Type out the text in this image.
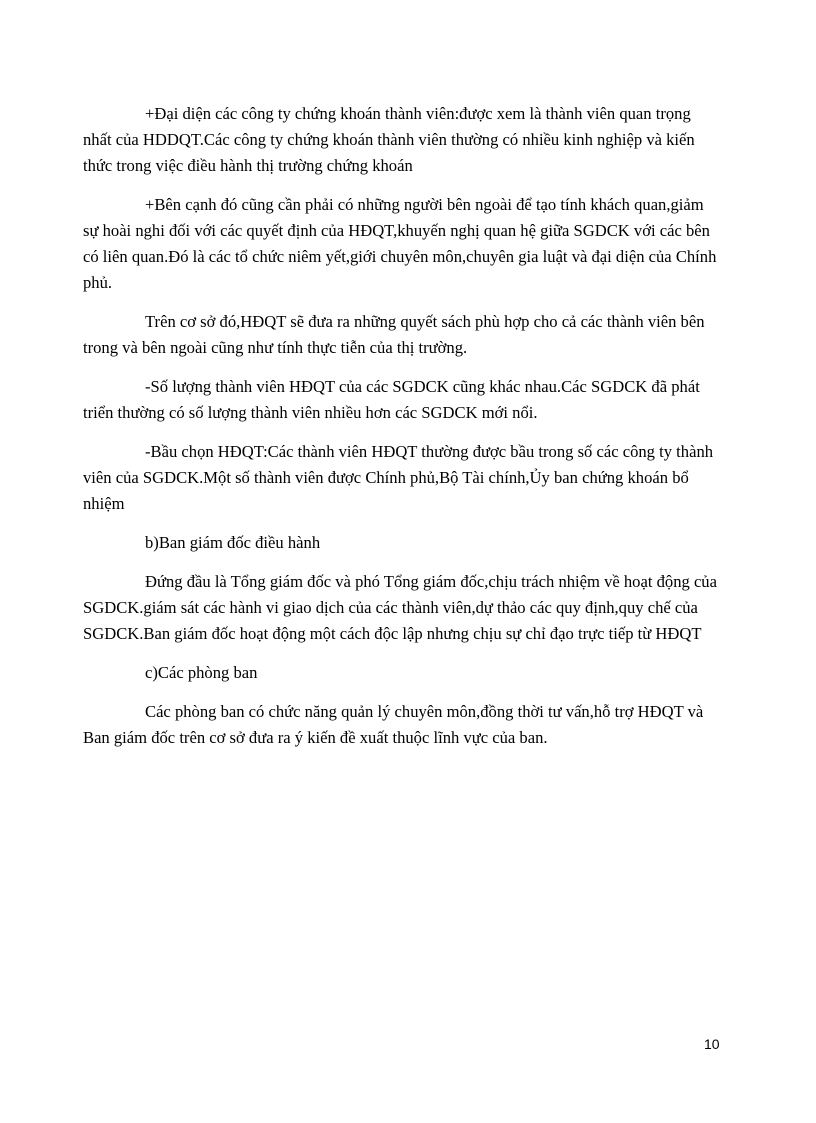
+Đại diện các công ty chứng khoán thành viên:được xem là thành viên quan trọng nhất của HDDQT.Các công ty chứng khoán thành viên thường có nhiều kinh nghiệp và kiến thức trong việc điều hành thị trường chứng khoán

+Bên cạnh đó cũng cần phải có những người bên ngoài để tạo tính khách quan,giảm sự hoài nghi đối với các quyết định của HĐQT,khuyến nghị quan hệ giữa SGDCK với các bên có liên quan.Đó là các tổ chức niêm yết,giới chuyên môn,chuyên gia luật và đại diện của Chính phủ.

Trên cơ sở đó,HĐQT sẽ đưa ra những quyết sách phù hợp cho cả các thành viên bên trong và bên ngoài cũng như tính thực tiễn của thị trường.

-Số lượng thành viên HĐQT của các SGDCK cũng khác nhau.Các SGDCK đã phát triển thường có số lượng thành viên nhiều hơn các SGDCK mới nổi.

-Bầu chọn HĐQT:Các thành viên HĐQT thường được bầu trong số các công ty thành viên của SGDCK.Một số thành viên được Chính phủ,Bộ Tài chính,Ủy ban chứng khoán bổ nhiệm

b)Ban giám đốc điều hành

Đứng đầu là Tổng giám đốc và phó Tổng giám đốc,chịu trách nhiệm về hoạt động của SGDCK.giám sát các hành vi giao dịch của các thành viên,dự thảo các quy định,quy chế của SGDCK.Ban giám đốc hoạt động một cách độc lập nhưng chịu sự chỉ đạo trực tiếp từ HĐQT

c)Các phòng ban

Các phòng ban có chức năng quản lý chuyên môn,đồng thời tư vấn,hỗ trợ HĐQT và Ban giám đốc trên cơ sở đưa ra ý kiến đề xuất thuộc lĩnh vực của ban.

10
